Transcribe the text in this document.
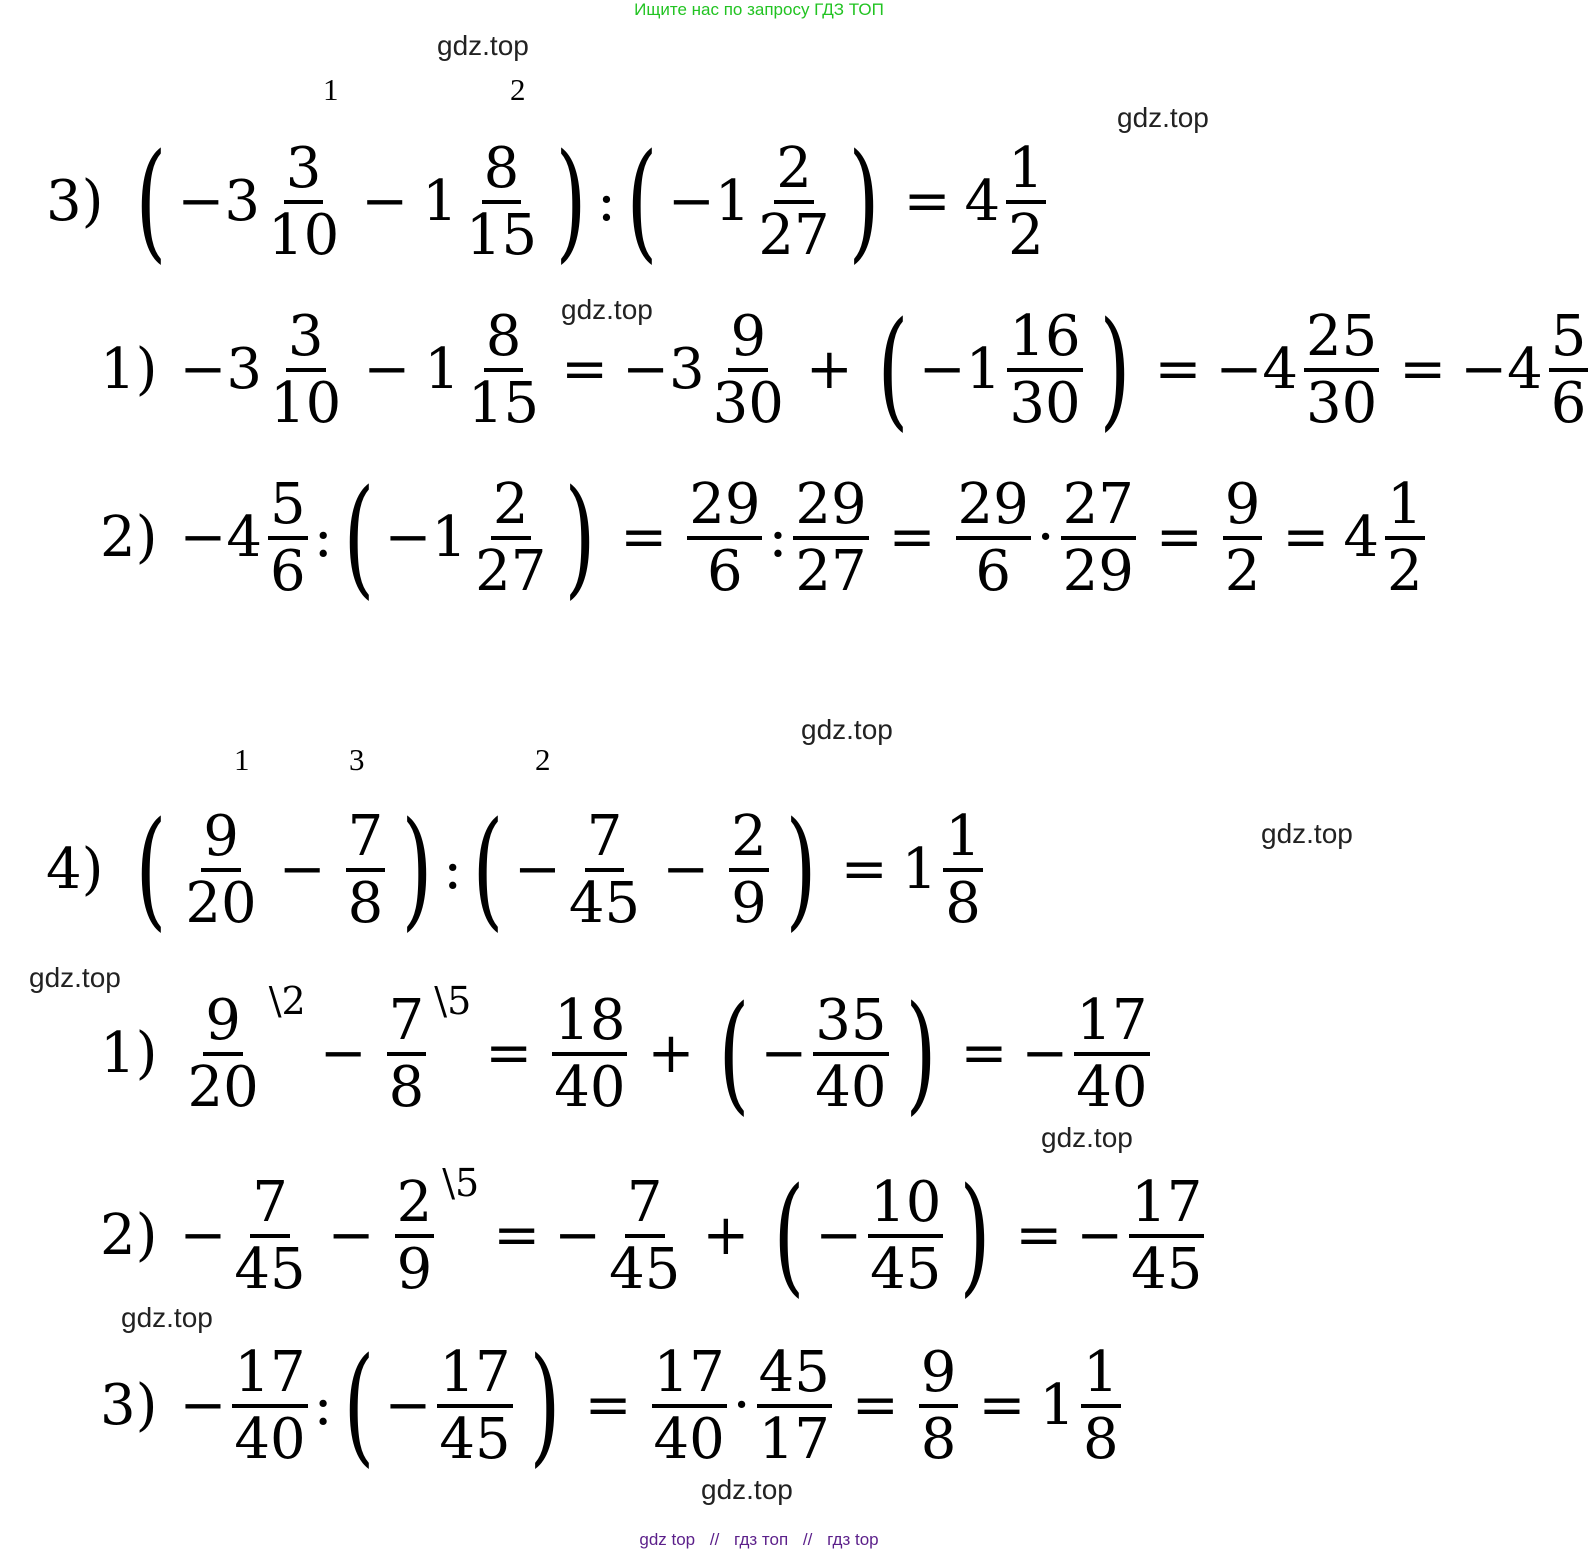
Ищите нас по запросу ГДЗ ТОП
gdz.top
gdz.top
gdz.top
gdz.top
gdz.top
gdz.top
gdz.top
gdz.top
gdz.top
1	2
3) ( $-3 \frac{3}{10} - 1 \frac{8}{15}$ ) : ( $-1 \frac{2}{27}$ ) = $4 \frac{1}{2}$
$1) -3 \frac{3}{10} - 1 \frac{8}{15} = -3 \frac{9}{30}$ + ( $-1 \frac{16}{30}$ ) = $-4 \frac{25}{30} = -4 \frac{5}{6}$
$2) -4 \frac{5}{6}$ : ( $-1 \frac{2}{27}$ ) = $\frac{29}{6}$ : $\frac{29}{27} = \frac{29}{6} \cdot \frac{27}{29} = \frac{9}{2} = 4 \frac{1}{2}$
1	3	2
4) ( $\frac{9}{20} - \frac{7}{8}$ ) : ( − $\frac{7}{45} - \frac{2}{9}$ ) = $1 \frac{1}{8}$
$1) \frac{9}{20}$ \2
− $\frac{7}{8}$ \5
= $\frac{18}{40}$ + ( − $\frac{35}{40}$ ) = − $\frac{17}{40}$
$2) - \frac{7}{45} - \frac{2}{9}$ \5
= − $\frac{7}{45}$ + ( − $\frac{10}{45}$ ) = − $\frac{17}{45}$
$3) - \frac{17}{40}$ : ( − $\frac{17}{45}$ ) = $\frac{17}{40} \cdot \frac{45}{17} = \frac{9}{8} = 1 \frac{1}{8}$
gdz top // гдз топ // гдз top
